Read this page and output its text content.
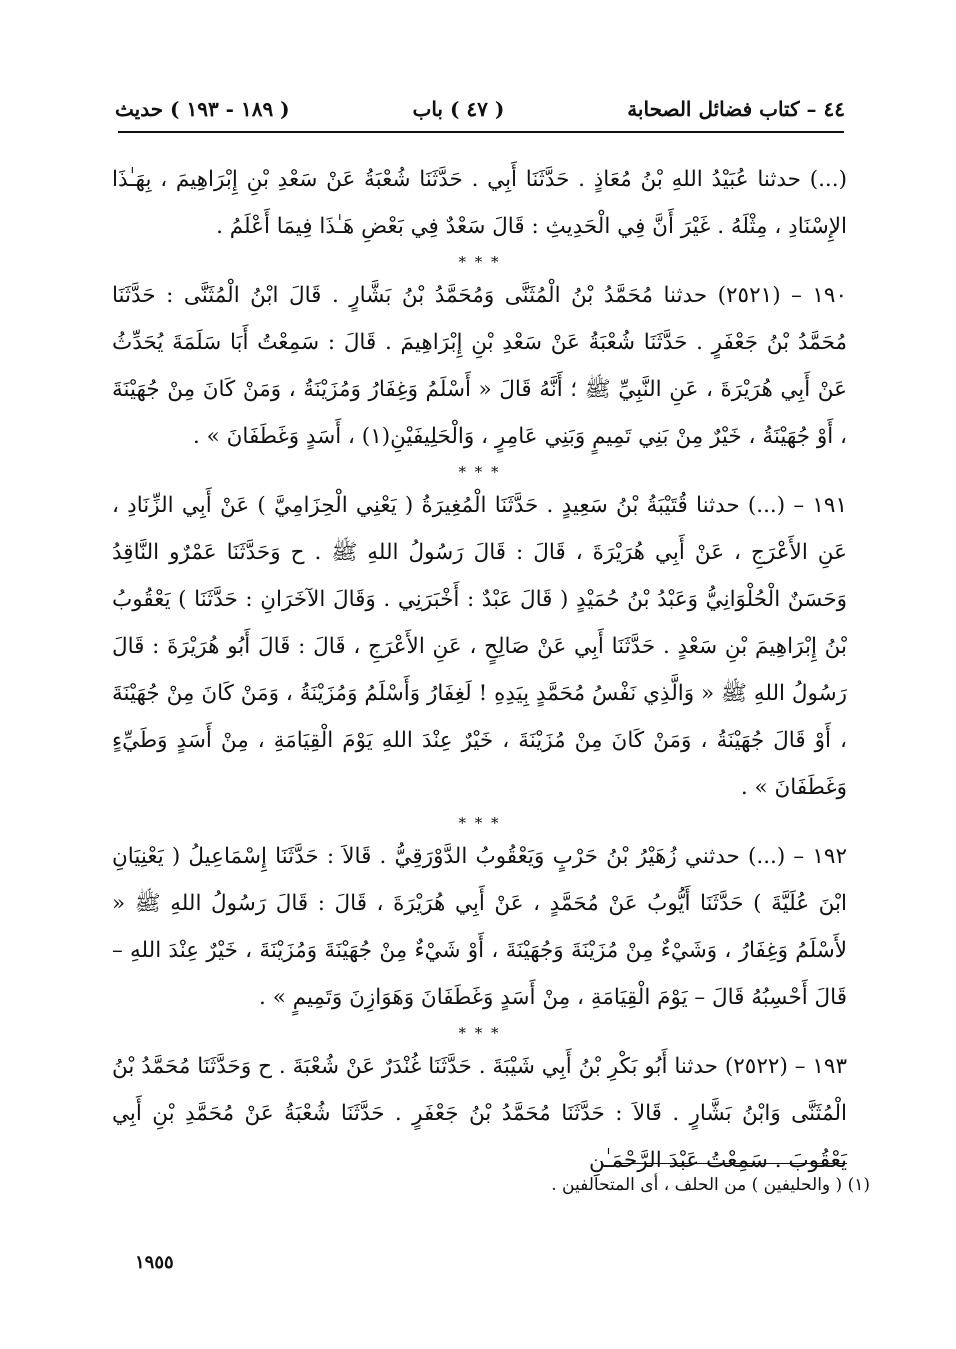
٤٤ – كتاب فضائل الصحابة
( ٤٧ ) باب
( ١٨٩ - ١٩٣ ) حديث

(...) حدثنا عُبَيْدُ اللهِ بْنُ مُعَاذٍ . حَدَّثَنَا أَبِي . حَدَّثَنَا شُعْبَةُ عَنْ سَعْدِ بْنِ إِبْرَاهِيمَ ، بِهَـٰذَا الإِسْنَادِ ، مِثْلَهُ . غَيْرَ أَنَّ فِي الْحَدِيثِ : قَالَ سَعْدٌ فِي بَعْضِ هَـٰذَا فِيمَا أَعْلَمُ .

* * *

١٩٠ – (٢٥٢١) حدثنا مُحَمَّدُ بْنُ الْمُثَنَّى وَمُحَمَّدُ بْنُ بَشَّارٍ . قَالَ ابْنُ الْمُثَنَّى : حَدَّثَنَا مُحَمَّدُ بْنُ جَعْفَرٍ . حَدَّثَنَا شُعْبَةُ عَنْ سَعْدِ بْنِ إِبْرَاهِيمَ . قَالَ : سَمِعْتُ أَبَا سَلَمَةَ يُحَدِّثُ عَنْ أَبِي هُرَيْرَةَ ، عَنِ النَّبِيِّ ﷺ ؛ أَنَّهُ قَالَ « أَسْلَمُ وَغِفَارُ وَمُزَيْنَةُ ، وَمَنْ كَانَ مِنْ جُهَيْنَةَ ، أَوْ جُهَيْنَةُ ، خَيْرٌ مِنْ بَنِي تَمِيمٍ وَبَنِي عَامِرٍ ، وَالْحَلِيفَيْنِ(١) ، أَسَدٍ وَغَطَفَانَ » .

* * *

١٩١ – (...) حدثنا قُتَيْبَةُ بْنُ سَعِيدٍ . حَدَّثَنَا الْمُغِيرَةُ ( يَعْنِي الْحِزَامِيَّ ) عَنْ أَبِي الزِّنَادِ ، عَنِ الأَعْرَجِ ، عَنْ أَبِي هُرَيْرَةَ ، قَالَ : قَالَ رَسُولُ اللهِ ﷺ . ح وَحَدَّثَنَا عَمْرٌو النَّاقِدُ وَحَسَنٌ الْحُلْوَانِيُّ وَعَبْدُ بْنُ حُمَيْدٍ ( قَالَ عَبْدٌ : أَخْبَرَنِي . وَقَالَ الآخَرَانِ : حَدَّثَنَا ) يَعْقُوبُ بْنُ إِبْرَاهِيمَ بْنِ سَعْدٍ . حَدَّثَنَا أَبِي عَنْ صَالِحٍ ، عَنِ الأَعْرَجِ ، قَالَ : قَالَ أَبُو هُرَيْرَةَ : قَالَ رَسُولُ اللهِ ﷺ « وَالَّذِي نَفْسُ مُحَمَّدٍ بِيَدِهِ ! لَغِفَارُ وَأَسْلَمُ وَمُزَيْنَةُ ، وَمَنْ كَانَ مِنْ جُهَيْنَةَ ، أَوْ قَالَ جُهَيْنَةُ ، وَمَنْ كَانَ مِنْ مُزَيْنَةَ ، خَيْرٌ عِنْدَ اللهِ يَوْمَ الْقِيَامَةِ ، مِنْ أَسَدٍ وَطَيِّءٍ وَغَطَفَانَ » .

* * *

١٩٢ – (...) حدثني زُهَيْرُ بْنُ حَرْبٍ وَيَعْقُوبُ الدَّوْرَقِيُّ . قَالاَ : حَدَّثَنَا إِسْمَاعِيلُ ( يَعْنِيَانِ ابْنَ عُلَيَّةَ ) حَدَّثَنَا أَيُّوبُ عَنْ مُحَمَّدٍ ، عَنْ أَبِي هُرَيْرَةَ ، قَالَ : قَالَ رَسُولُ اللهِ ﷺ « لأَسْلَمُ وَغِفَارُ ، وَشَيْءٌ مِنْ مُزَيْنَةَ وَجُهَيْنَةَ ، أَوْ شَيْءٌ مِنْ جُهَيْنَةَ وَمُزَيْنَةَ ، خَيْرٌ عِنْدَ اللهِ – قَالَ أَحْسِبُهُ قَالَ – يَوْمَ الْقِيَامَةِ ، مِنْ أَسَدٍ وَغَطَفَانَ وَهَوَازِنَ وَتَمِيمٍ » .

* * *

١٩٣ – (٢٥٢٢) حدثنا أَبُو بَكْرِ بْنُ أَبِي شَيْبَةَ . حَدَّثَنَا غُنْدَرٌ عَنْ شُعْبَةَ . ح وَحَدَّثَنَا مُحَمَّدُ بْنُ الْمُثَنَّى وَابْنُ بَشَّارٍ . قَالاَ : حَدَّثَنَا مُحَمَّدُ بْنُ جَعْفَرٍ . حَدَّثَنَا شُعْبَةُ عَنْ مُحَمَّدِ بْنِ أَبِي يَعْقُوبَ . سَمِعْتُ عَبْدَ الرَّحْمَـٰنِ

(١) ( والحليفين ) من الحلف ، أى المتحالفين .
١٩٥٥
